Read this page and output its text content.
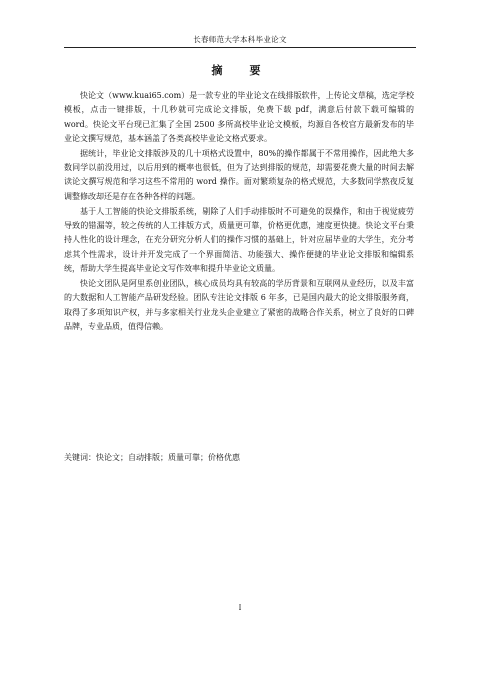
长春师范大学本科毕业论文
摘　要

快论文（www.kuai65.com）是一款专业的毕业论文在线排版软件，上传论文草稿，选定学校模板，点击一键排版，十几秒就可完成论文排版，免费下载 pdf，满意后付款下载可编辑的 word。快论文平台现已汇集了全国 2500 多所高校毕业论文模板，均源自各校官方最新发布的毕业论文撰写规范，基本涵盖了各类高校毕业论文格式要求。

据统计，毕业论文排版涉及的几十项格式设置中，80%的操作都属于不常用操作，因此绝大多数同学以前没用过，以后用到的概率也很低，但为了达到排版的规范，却需要花费大量的时间去解读论文撰写规范和学习这些不常用的 word 操作。面对繁琐复杂的格式规范，大多数同学熬夜反复调整修改却还是存在各种各样的问题。

基于人工智能的快论文排版系统，剔除了人们手动排版时不可避免的误操作，和由于视觉疲劳导致的错漏等，较之传统的人工排版方式，质量更可靠，价格更优惠，速度更快捷。快论文平台秉持人性化的设计理念，在充分研究分析人们的操作习惯的基础上，针对应届毕业的大学生，充分考虑其个性需求，设计并开发完成了一个界面简洁、功能强大、操作便捷的毕业论文排版和编辑系统，帮助大学生提高毕业论文写作效率和提升毕业论文质量。

快论文团队是阿里系创业团队，核心成员均具有较高的学历背景和互联网从业经历，以及丰富的大数据和人工智能产品研发经验。团队专注论文排版 6 年多，已是国内最大的论文排版服务商，取得了多项知识产权，并与多家相关行业龙头企业建立了紧密的战略合作关系，树立了良好的口碑品牌，专业品质，值得信赖。

关键词：快论文；自动排版；质量可靠；价格优惠
I
